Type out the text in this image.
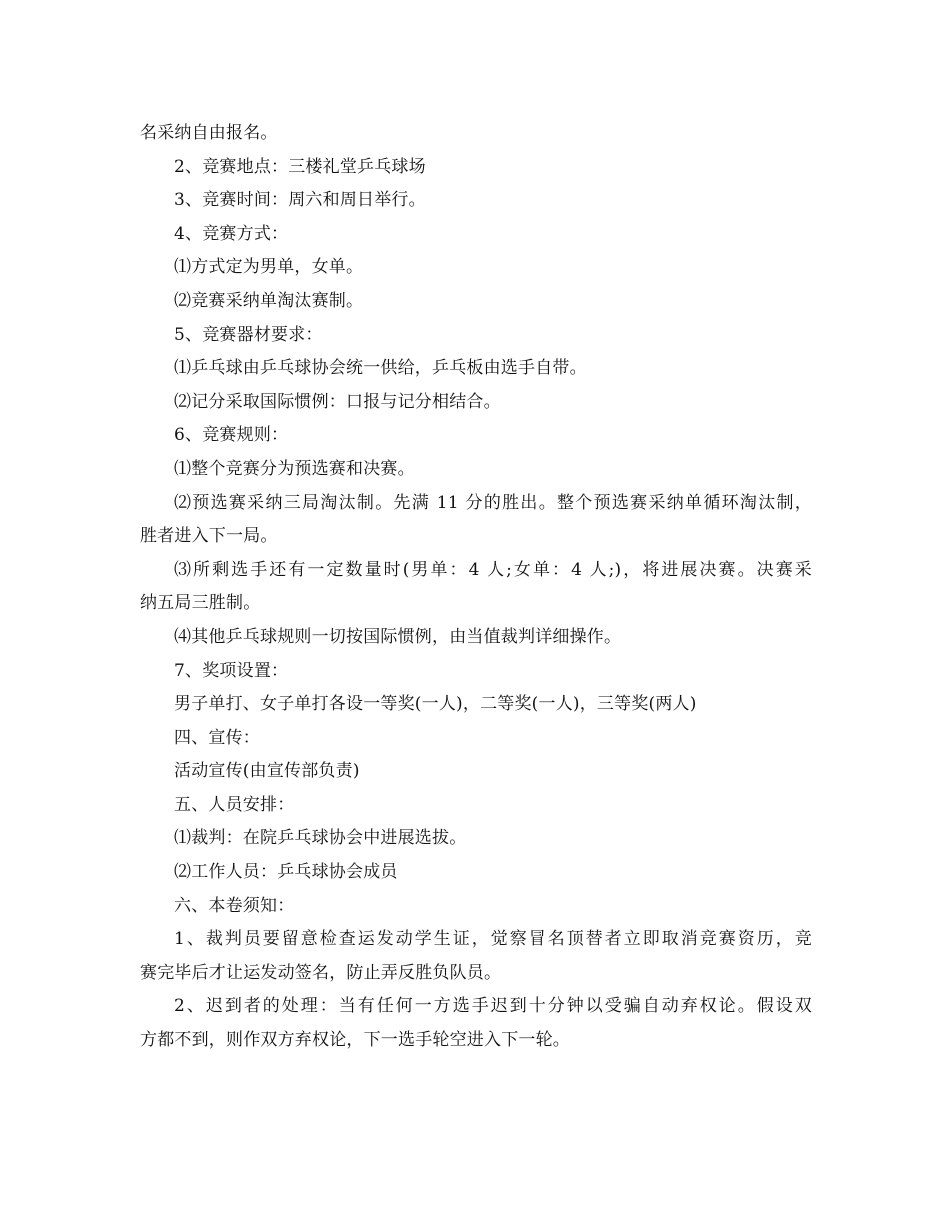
名采纳自由报名。
2、竞赛地点：三楼礼堂乒乓球场
3、竞赛时间：周六和周日举行。
4、竞赛方式：
⑴方式定为男单，女单。
⑵竞赛采纳单淘汰赛制。
5、竞赛器材要求：
⑴乒乓球由乒乓球协会统一供给，乒乓板由选手自带。
⑵记分采取国际惯例：口报与记分相结合。
6、竞赛规则：
⑴整个竞赛分为预选赛和决赛。
⑵预选赛采纳三局淘汰制。先满 11 分的胜出。整个预选赛采纳单循环淘汰制，
胜者进入下一局。
⑶所剩选手还有一定数量时(男单：4 人;女单：4 人;)，将进展决赛。决赛采
纳五局三胜制。
⑷其他乒乓球规则一切按国际惯例，由当值裁判详细操作。
7、奖项设置：
男子单打、女子单打各设一等奖(一人)，二等奖(一人)，三等奖(两人)
四、宣传：
活动宣传(由宣传部负责)
五、人员安排：
⑴裁判：在院乒乓球协会中进展选拔。
⑵工作人员：乒乓球协会成员
六、本卷须知：
1、裁判员要留意检查运发动学生证，觉察冒名顶替者立即取消竞赛资历，竞
赛完毕后才让运发动签名，防止弄反胜负队员。
2、迟到者的处理：当有任何一方选手迟到十分钟以受骗自动弃权论。假设双
方都不到，则作双方弃权论，下一选手轮空进入下一轮。
